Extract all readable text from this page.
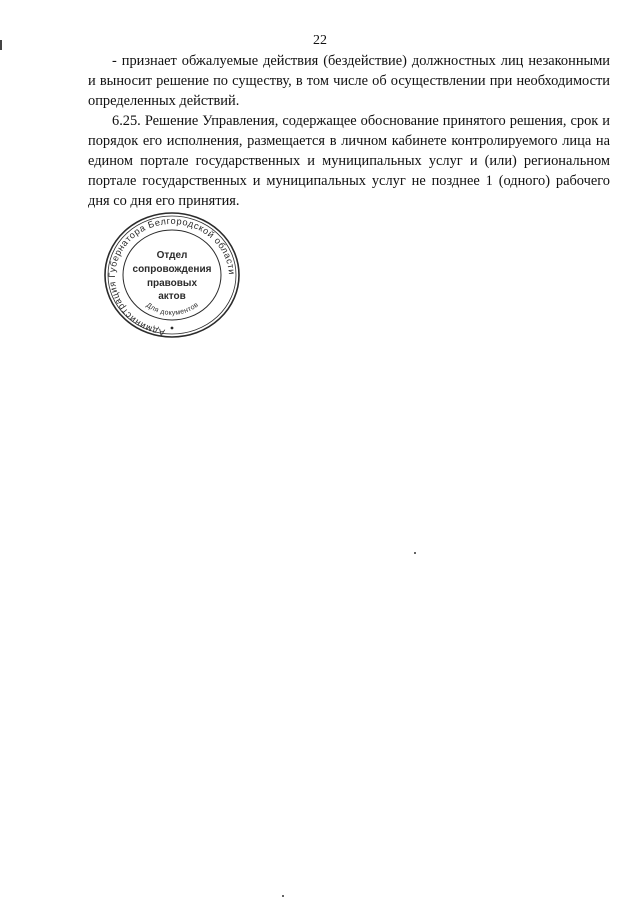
22

- признает обжалуемые действия (бездействие) должностных лиц незаконными и выносит решение по существу, в том числе об осуществлении при необходимости определенных действий.

6.25. Решение Управления, содержащее обоснование принятого решения, срок и порядок его исполнения, размещается в личном кабинете контролируемого лица на едином портале государственных и муниципальных услуг и (или) региональном портале государственных и муниципальных услуг не позднее 1 (одного) рабочего дня со дня его принятия.

Администрация Губернатора Белгородской области
Для документов
Отдел
сопровождения
правовых
актов
